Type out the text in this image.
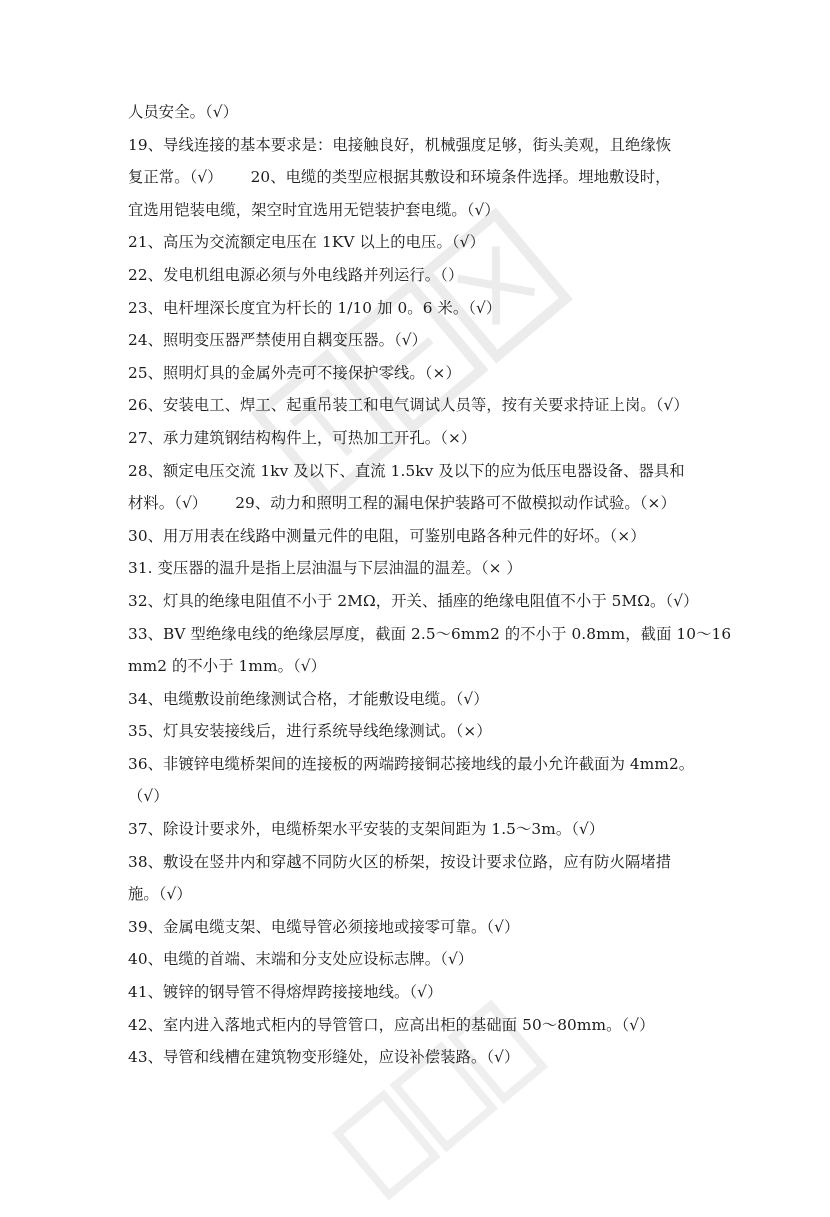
人员安全。（√）
19、导线连接的基本要求是：电接触良好，机械强度足够，街头美观，且绝缘恢
复正常。（√） 20、电缆的类型应根据其敷设和环境条件选择。埋地敷设时，
宜选用铠装电缆，架空时宜选用无铠装护套电缆。（√）
21、高压为交流额定电压在 1KV 以上的电压。（√）
22、发电机组电源必须与外电线路并列运行。（）
23、电杆埋深长度宜为杆长的 1/10 加 0。6 米。（√）
24、照明变压器严禁使用自耦变压器。（√）
25、照明灯具的金属外壳可不接保护零线。（×）
26、安装电工、焊工、起重吊装工和电气调试人员等，按有关要求持证上岗。（√）
27、承力建筑钢结构构件上，可热加工开孔。（×）
28、额定电压交流 1kv 及以下、直流 1.5kv 及以下的应为低压电器设备、器具和
材料。（√） 29、动力和照明工程的漏电保护装路可不做模拟动作试验。（×）
30、用万用表在线路中测量元件的电阻，可鉴别电路各种元件的好坏。（×）
31. 变压器的温升是指上层油温与下层油温的温差。（× ）
32、灯具的绝缘电阻值不小于 2MΩ，开关、插座的绝缘电阻值不小于 5MΩ。（√）
33、BV 型绝缘电线的绝缘层厚度，截面 2.5～6mm2 的不小于 0.8mm，截面 10～16
mm2 的不小于 1mm。（√）
34、电缆敷设前绝缘测试合格，才能敷设电缆。（√）
35、灯具安装接线后，进行系统导线绝缘测试。（×）
36、非镀锌电缆桥架间的连接板的两端跨接铜芯接地线的最小允许截面为 4mm2。
（√）
37、除设计要求外，电缆桥架水平安装的支架间距为 1.5～3m。（√）
38、敷设在竖井内和穿越不同防火区的桥架，按设计要求位路，应有防火隔堵措
施。（√）
39、金属电缆支架、电缆导管必须接地或接零可靠。（√）
40、电缆的首端、末端和分支处应设标志牌。（√）
41、镀锌的钢导管不得熔焊跨接接地线。（√）
42、室内进入落地式柜内的导管管口，应高出柜的基础面 50～80mm。（√）
43、导管和线槽在建筑物变形缝处，应设补偿装路。（√）
